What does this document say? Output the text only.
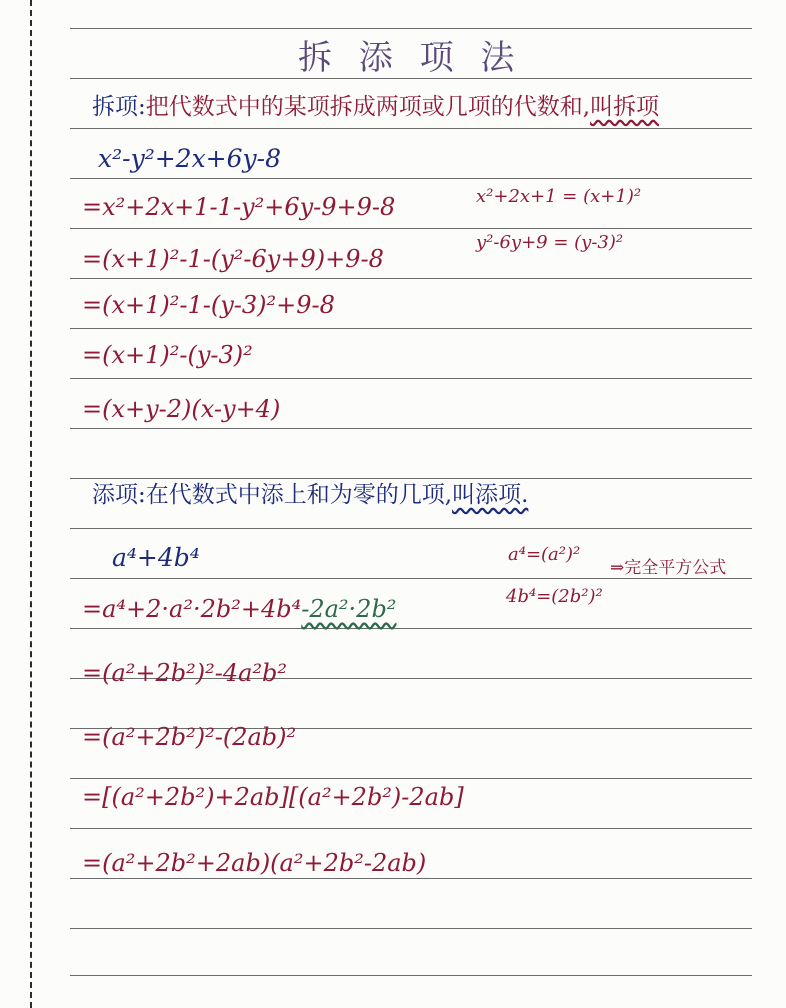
拆 添 项 法
拆项:把代数式中的某项拆成两项或几项的代数和,叫拆项
x²-y²+2x+6y-8
=x²+2x+1-1-y²+6y-9+9-8
=(x+1)²-1-(y²-6y+9)+9-8
=(x+1)²-1-(y-3)²+9-8
=(x+1)²-(y-3)²
=(x+y-2)(x-y+4)
x²+2x+1 = (x+1)²
y²-6y+9 = (y-3)²
添项:在代数式中添上和为零的几项,叫添项.
a⁴+4b⁴
=a⁴+2·a²·2b²+4b⁴-2a²·2b²
=(a²+2b²)²-4a²b²
=(a²+2b²)²-(2ab)²
=[(a²+2b²)+2ab][(a²+2b²)-2ab]
=(a²+2b²+2ab)(a²+2b²-2ab)
a⁴=(a²)²
4b⁴=(2b²)²
⇒完全平方公式
